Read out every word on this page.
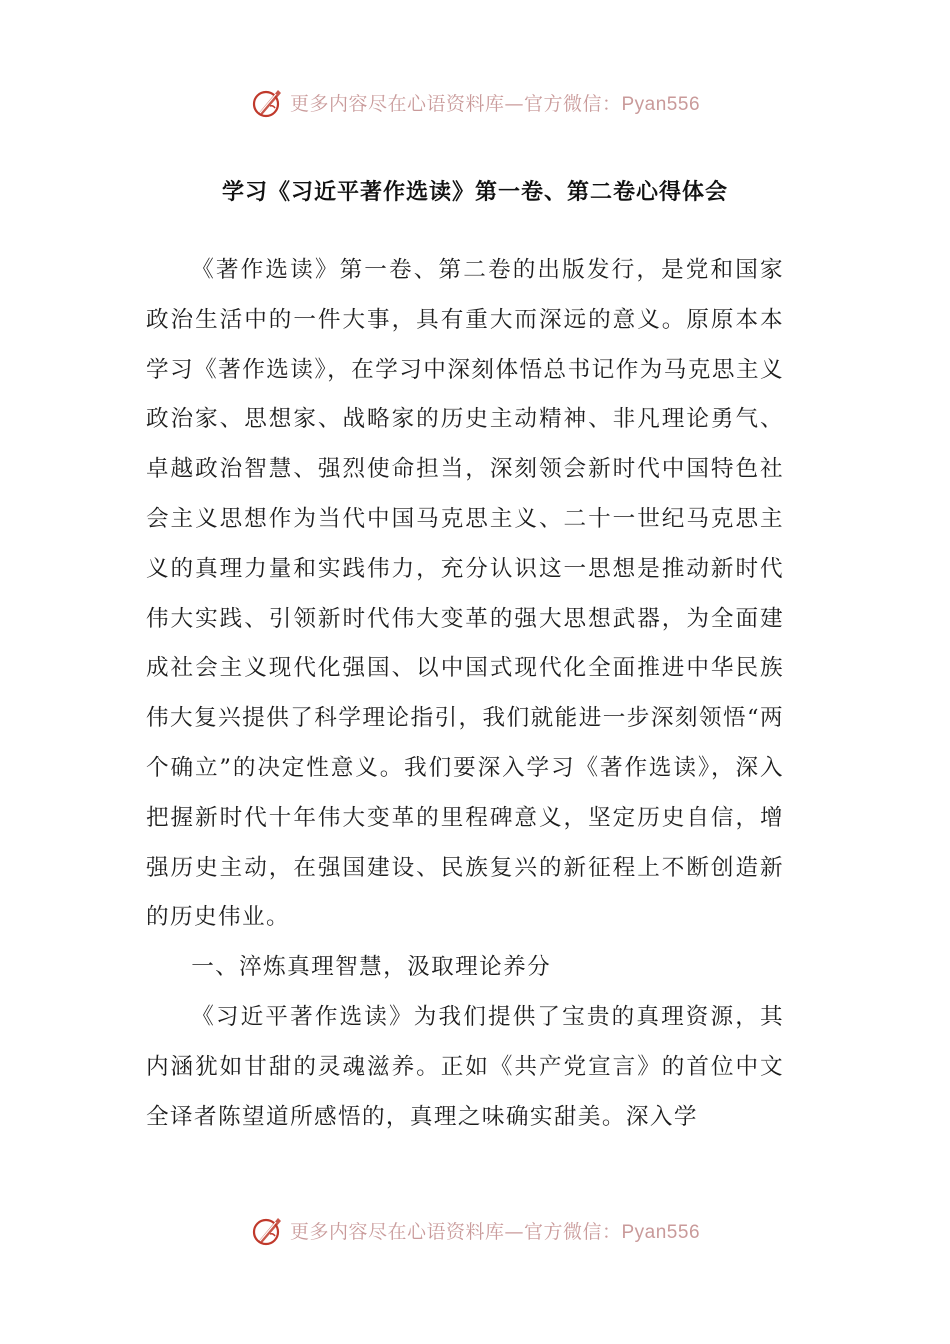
更多内容尽在心语资料库—官方微信：Pyan556
学习《习近平著作选读》第一卷、第二卷心得体会

《著作选读》第一卷、第二卷的出版发行，是党和国家政治生活中的一件大事，具有重大而深远的意义。原原本本学习《著作选读》，在学习中深刻体悟总书记作为马克思主义政治家、思想家、战略家的历史主动精神、非凡理论勇气、卓越政治智慧、强烈使命担当，深刻领会新时代中国特色社会主义思想作为当代中国马克思主义、二十一世纪马克思主义的真理力量和实践伟力，充分认识这一思想是推动新时代伟大实践、引领新时代伟大变革的强大思想武器，为全面建成社会主义现代化强国、以中国式现代化全面推进中华民族伟大复兴提供了科学理论指引，我们就能进一步深刻领悟“两个确立”的决定性意义。我们要深入学习《著作选读》，深入把握新时代十年伟大变革的里程碑意义，坚定历史自信，增强历史主动，在强国建设、民族复兴的新征程上不断创造新的历史伟业。

一、淬炼真理智慧，汲取理论养分

《习近平著作选读》为我们提供了宝贵的真理资源，其内涵犹如甘甜的灵魂滋养。正如《共产党宣言》的首位中文全译者陈望道所感悟的，真理之味确实甜美。深入学

更多内容尽在心语资料库—官方微信：Pyan556
